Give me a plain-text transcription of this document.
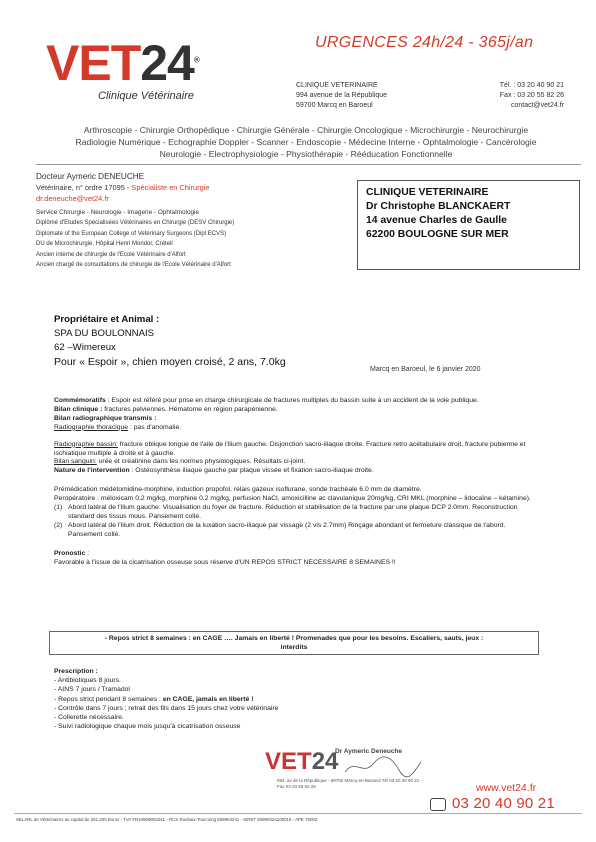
VET24®
Clinique Vétérinaire
URGENCES 24h/24 - 365j/an
CLINIQUE VETERINAIRE
994 avenue de la République
59700 Marcq en Baroeul
Tél. : 03 20 40 90 21
Fax : 03 20 55 82 26
contact@vet24.fr
Arthroscopie - Chirurgie Orthopédique - Chirurgie Générale - Chirurgie Oncologique - Microchirurgie - Neurochirurgie
Radiologie Numérique - Echographie Doppler - Scanner - Endoscopie - Médecine Interne - Ophtalmologie - Cancérologie
Neurologie - Electrophysiologie - Physiothérapie - Rééducation Fonctionnelle
Docteur Aymeric DENEUCHE
Vétérinaire, n° ordre 17095 - Spécialiste en Chirurgie
dr.deneuche@vet24.fr
Service Chirurgie - Neurologie - Imagerie - Ophtalmologie
Diplômé d'Etudes Spécialisées Vétérinaires en Chirurgie (DESV Chirurgie)
Diplomate of the European College of Veterinary Surgeons (Dipl ECVS)
DU de Microchirurgie, Hôpital Henri Mondor, Créteil
Ancien interne de chirurgie de l'Ecole Vétérinaire d'Alfort
Ancien chargé de consultations de chirurgie de l'Ecole Vétérinaire d'Alfort
CLINIQUE VETERINAIRE
Dr Christophe BLANCKAERT
14 avenue Charles de Gaulle
62200 BOULOGNE SUR MER
Propriétaire et Animal :
SPA DU BOULONNAIS
62 –Wimereux
Pour « Espoir », chien moyen croisé, 2 ans, 7.0kg
Marcq en Baroeul, le 6 janvier 2020

Commémoratifs : Espoir est référé pour prise en charge chirurgicale de fractures multiples du bassin suite à un accident de la voie publique.

Bilan clinique : fractures pelviennes. Hématome en région parapénienne.

Bilan radiographique transmis :

Radiographie thoracique : pas d'anomalie.

Radiographie bassin: fracture oblique longue de l'aile de l'ilium gauche. Disjonction sacro-iliaque droite. Fracture retro acétabulaire droit, fracture pubienne et ischiatique multiple à droite et à gauche.

Bilan sanguin: urée et créatinine dans les normes physiologiques. Résultats ci-joint.

Nature de l'intervention : Ostéosynthèse iliaque gauche par plaque vissée et fixation sacro-iliaque droite.

Prémédication médétomidine-morphine, induction propofol, relais gazeux isoflurane, sonde trachéale 6.0 mm de diamètre.

Peropératoire : méloxicam 0.2 mg/kg, morphine 0.2 mg/kg, perfusion NaCl, amoxicilline ac clavulanique 20mg/kg, CRI MKL (morphine – lidocaïne – kétamine).

(1) Abord latéral de l'ilium gauche. Visualisation du foyer de fracture. Réduction et stabilisation de la fracture par une plaque DCP 2.0mm. Reconstruction standard des tissus mous. Pansement collé.
(2) Abord latéral de l'ilium droit. Réduction de la luxation sacro-iliaque par vissage (2 vis 2.7mm) Rinçage abondant et fermeture classique de l'abord. Pansement collé.

Pronostic :

Favorable à l'issue de la cicatrisation osseuse sous réserve d'UN REPOS STRICT NECESSAIRE 8 SEMAINES !!

- Repos strict 8 semaines : en CAGE …. Jamais en liberté ! Promenades que pour les besoins. Escaliers, sauts, jeux :
interdits
Prescription :
- Antibiotiques 8 jours.
- AINS 7 jours / Tramadol
- Repos strict pendant 8 semaines : en CAGE, jamais en liberté !
- Contrôle dans 7 jours ; retrait des fils dans 15 jours chez votre vétérinaire
- Collerette nécessaire.
- Suivi radiologique chaque mois jusqu'à cicatrisation osseuse
VET24
Dr Aymeric Deneuche
994, av de la République - 59700 Marcq-en-Baroeul Tél 03 20 40 90 21 - Fax 03 20 55 82 26	www.vet24.fr
03 20 40 90 21
SELARL de Vétérinaires au capital de 251.200 Euros - TVA FR44509903241 - RCS Roubaix-Tourcoing 509903241 - SIRET 50990324100016 - APE 7500Z
